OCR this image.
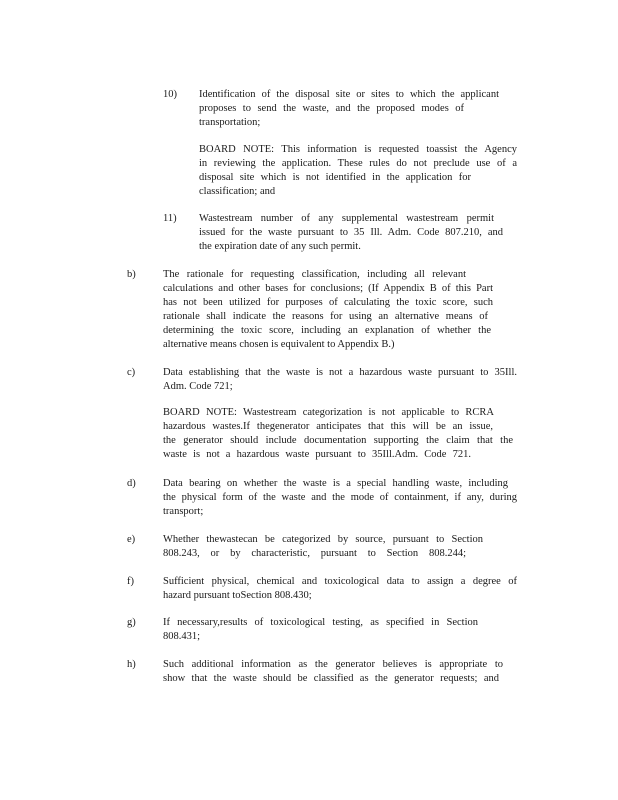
10) Identification of the disposal site or sites to which the applicant

proposes to send the waste, and the proposed modes of

transportation;

BOARD NOTE: This information is requested toassist the Agency

in reviewing the application. These rules do not preclude use of a

disposal site which is not identified in the application for

classification; and

11) Wastestream number of any supplemental wastestream permit

issued for the waste pursuant to 35 Ill. Adm. Code 807.210, and

the expiration date of any such permit.

b)	The rationale for requesting classification, including all relevant

calculations and other bases for conclusions; (If Appendix B of this Part

has not been utilized for purposes of calculating the toxic score, such

rationale shall indicate the reasons for using an alternative means of

determining the toxic score, including an explanation of whether the

alternative means chosen is equivalent to Appendix B.)

c)	Data establishing that the waste is not a hazardous waste pursuant to 35Ill.

Adm. Code 721;

BOARD NOTE: Wastestream categorization is not applicable to RCRA

hazardous wastes.If thegenerator anticipates that this will be an issue,

the generator should include documentation supporting the claim that the

waste is not a hazardous waste pursuant to 35Ill.Adm. Code 721.

d)	Data bearing on whether the waste is a special handling waste, including

the physical form of the waste and the mode of containment, if any, during

transport;

e)	Whether thewastecan be categorized by source, pursuant to Section

808.243, or by characteristic, pursuant to Section 808.244;

f)	Sufficient physical, chemical and toxicological data to assign a degree of

hazard pursuant toSection 808.430;

g)	If necessary,results of toxicological testing, as specified in Section

808.431;

h)	Such additional information as the generator believes is appropriate to

show that the waste should be classified as the generator requests; and
